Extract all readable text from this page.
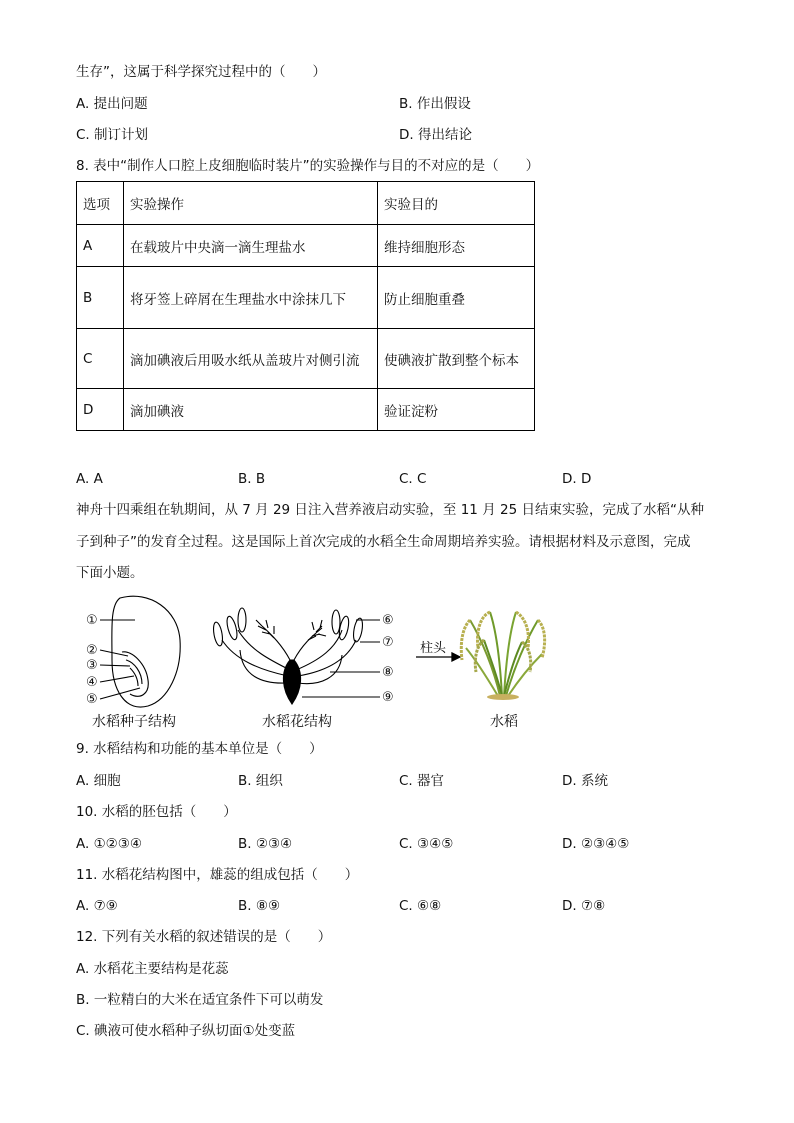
生存”，这属于科学探究过程中的（　　）
A. 提出问题	B. 作出假设
C. 制订计划	D. 得出结论
8. 表中“制作人口腔上皮细胞临时装片”的实验操作与目的不对应的是（　　）
选项	实验操作	实验目的
A	在载玻片中央滴一滴生理盐水	维持细胞形态
B	将牙签上碎屑在生理盐水中涂抹几下	防止细胞重叠
C	滴加碘液后用吸水纸从盖玻片对侧引流	使碘液扩散到整个标本
D	滴加碘液	验证淀粉
A. A	B. B	C. C	D. D
神舟十四乘组在轨期间，从 7 月 29 日注入营养液启动实验，至 11 月 25 日结束实验，完成了水稻“从种
子到种子”的发育全过程。这是国际上首次完成的水稻全生命周期培养实验。请根据材料及示意图，完成
下面小题。
①
②
③
④
⑤
⑥
⑦
⑧
⑨
柱头
水稻种子结构	水稻花结构	水稻
9. 水稻结构和功能的基本单位是（　　）
A. 细胞	B. 组织	C. 器官	D. 系统
10. 水稻的胚包括（　　）
A. ①②③④	B. ②③④	C. ③④⑤	D. ②③④⑤
11. 水稻花结构图中，雄蕊的组成包括（　　）
A. ⑦⑨	B. ⑧⑨	C. ⑥⑧	D. ⑦⑧
12. 下列有关水稻的叙述错误的是（　　）
A. 水稻花主要结构是花蕊
B. 一粒精白的大米在适宜条件下可以萌发
C. 碘液可使水稻种子纵切面①处变蓝
